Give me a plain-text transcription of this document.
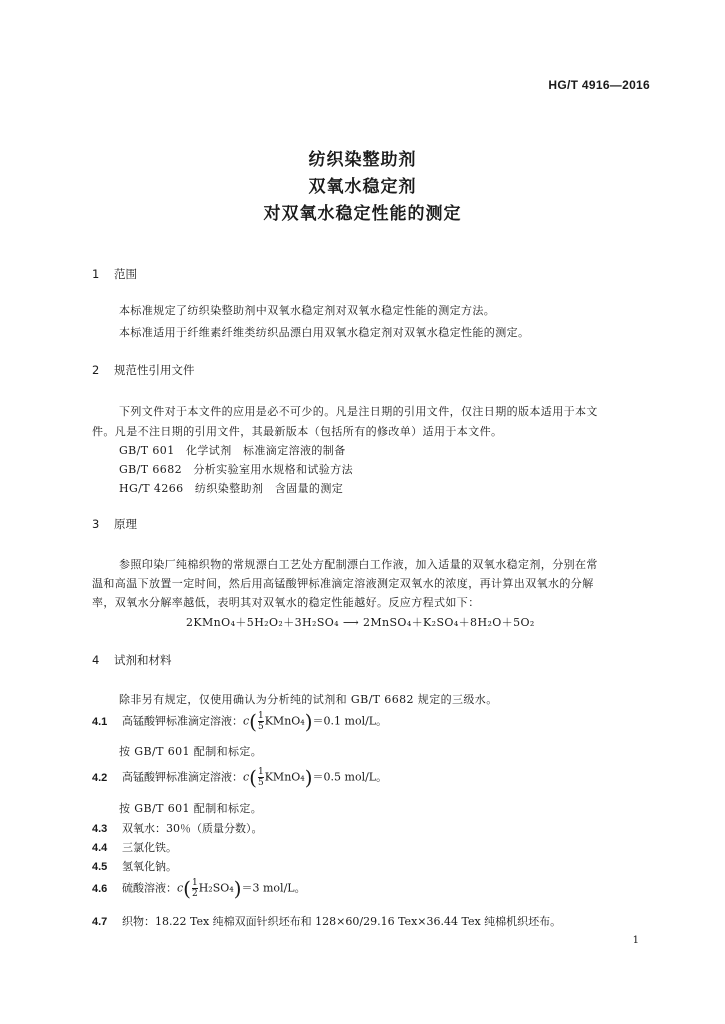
HG/T 4916—2016
纺织染整助剂
双氧水稳定剂
对双氧水稳定性能的测定
1 范围
本标准规定了纺织染整助剂中双氧水稳定剂对双氧水稳定性能的测定方法。
本标准适用于纤维素纤维类纺织品漂白用双氧水稳定剂对双氧水稳定性能的测定。
2 规范性引用文件
下列文件对于本文件的应用是必不可少的。凡是注日期的引用文件，仅注日期的版本适用于本文
件。凡是不注日期的引用文件，其最新版本（包括所有的修改单）适用于本文件。
GB/T 601　化学试剂　标准滴定溶液的制备
GB/T 6682　分析实验室用水规格和试验方法
HG/T 4266　纺织染整助剂　含固量的测定
3 原理
参照印染厂纯棉织物的常规漂白工艺处方配制漂白工作液，加入适量的双氧水稳定剂，分别在常
温和高温下放置一定时间，然后用高锰酸钾标准滴定溶液测定双氧水的浓度，再计算出双氧水的分解
率，双氧水分解率越低，表明其对双氧水的稳定性能越好。反应方程式如下：
2KMnO₄＋5H₂O₂＋3H₂SO₄ ⟶ 2MnSO₄＋K₂SO₄＋8H₂O＋5O₂
4 试剂和材料
除非另有规定，仅使用确认为分析纯的试剂和 GB/T 6682 规定的三级水。
4.1 高锰酸钾标准滴定溶液：$c( \frac{1}{5}$ KMnO₄)＝0.1 mol/L。
按 GB/T 601 配制和标定。
4.2 高锰酸钾标准滴定溶液：$c( \frac{1}{5}$ KMnO₄)＝0.5 mol/L。
按 GB/T 601 配制和标定。
4.3 双氧水：30％（质量分数）。
4.4 三氯化铁。
4.5 氢氧化钠。
4.6 硫酸溶液：$c( \frac{1}{2} H_2SO_4)=3$ mol/L。
4.7 织物：18.22 Tex 纯棉双面针织坯布和 128×60/29.16 Tex×36.44 Tex 纯棉机织坯布。
1
